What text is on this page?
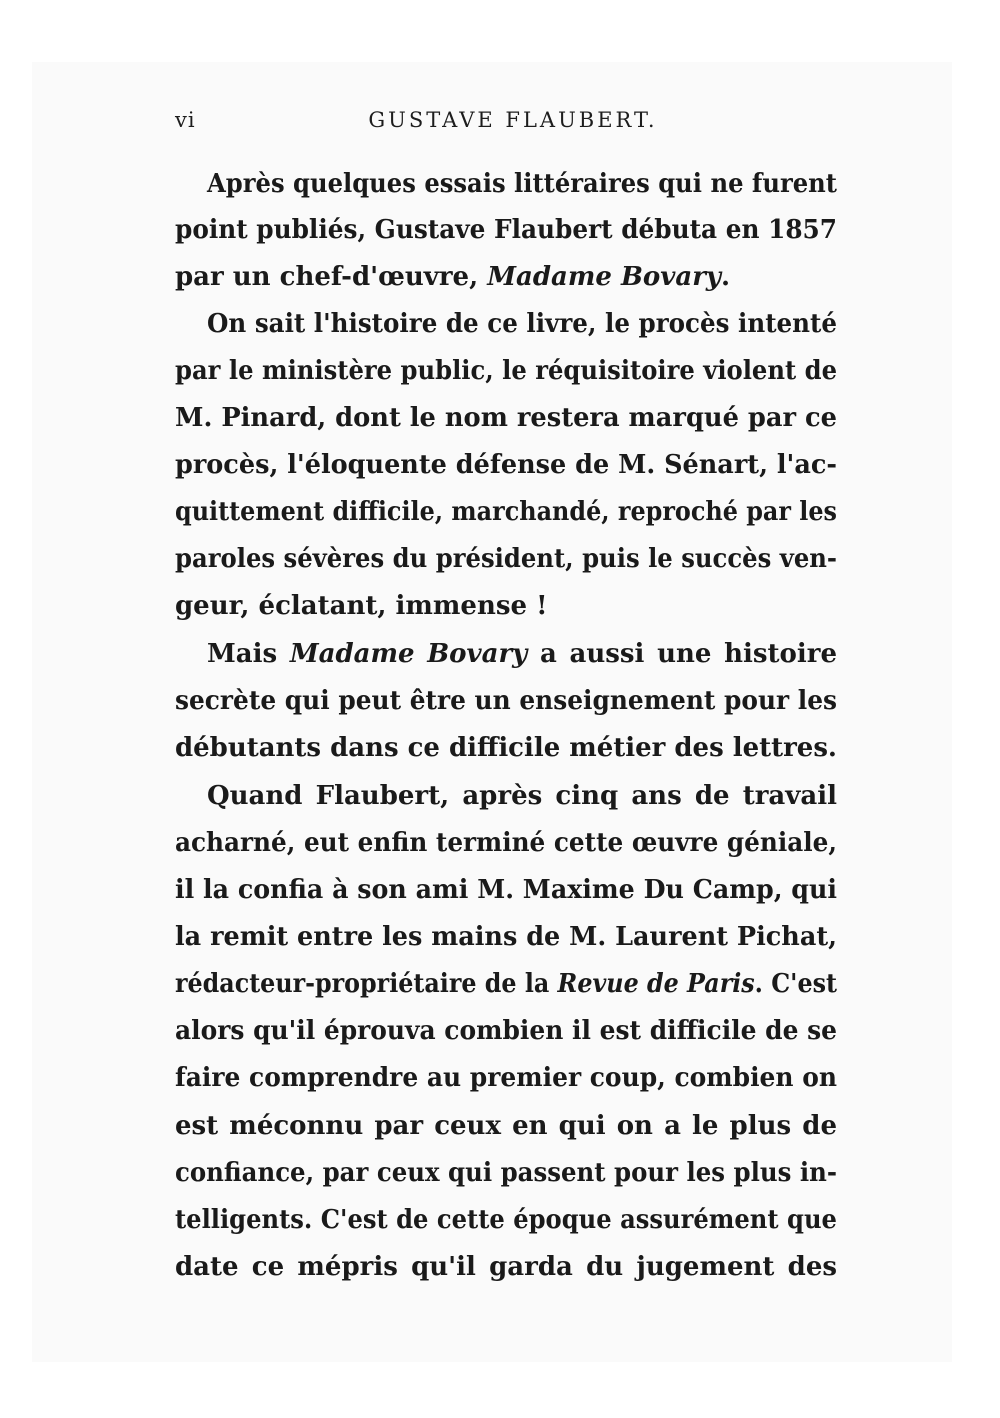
vi	GUSTAVE FLAUBERT.
Après quelques essais littéraires qui ne furent
point publiés, Gustave Flaubert débuta en 1857
par un chef-d'œuvre, Madame Bovary.
On sait l'histoire de ce livre, le procès intenté
par le ministère public, le réquisitoire violent de
M. Pinard, dont le nom restera marqué par ce
procès, l'éloquente défense de M. Sénart, l'ac-
quittement difficile, marchandé, reproché par les
paroles sévères du président, puis le succès ven-
geur, éclatant, immense !
Mais Madame Bovary a aussi une histoire
secrète qui peut être un enseignement pour les
débutants dans ce difficile métier des lettres.
Quand Flaubert, après cinq ans de travail
acharné, eut enfin terminé cette œuvre géniale,
il la confia à son ami M. Maxime Du Camp, qui
la remit entre les mains de M. Laurent Pichat,
rédacteur-propriétaire de la Revue de Paris. C'est
alors qu'il éprouva combien il est difficile de se
faire comprendre au premier coup, combien on
est méconnu par ceux en qui on a le plus de
confiance, par ceux qui passent pour les plus in-
telligents. C'est de cette époque assurément que
date ce mépris qu'il garda du jugement des
